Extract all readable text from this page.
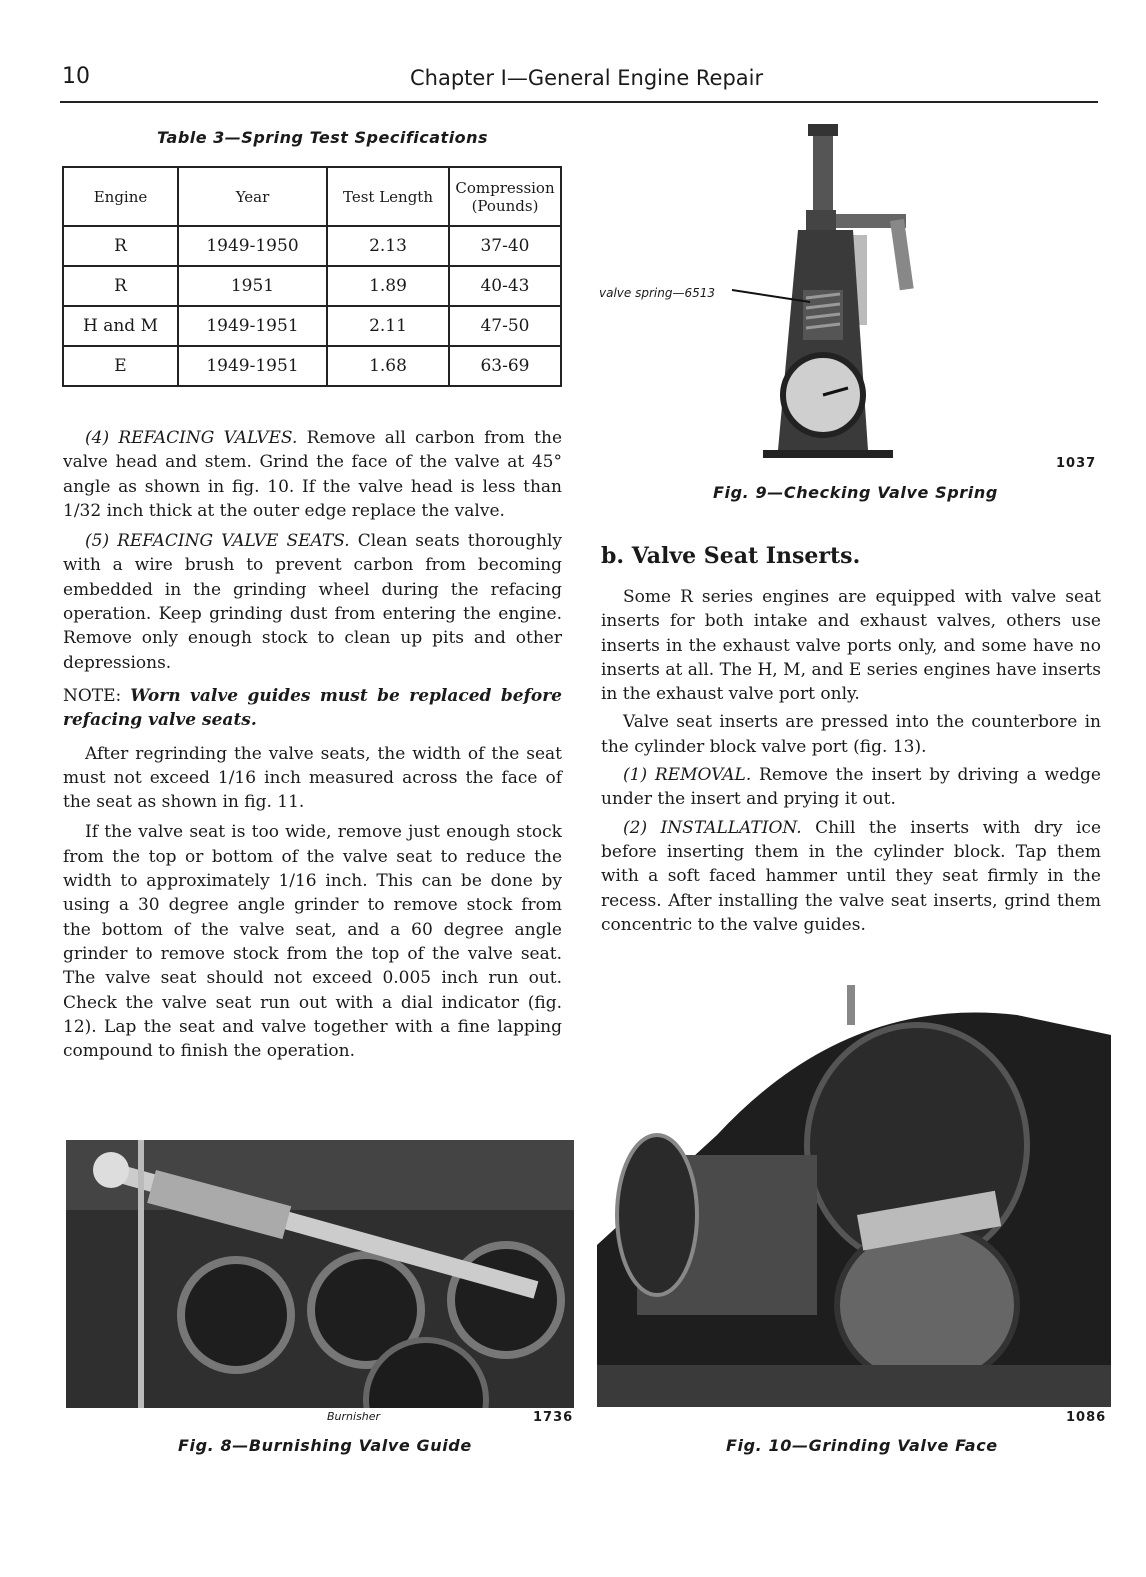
10	Chapter I—General Engine Repair
Table 3—Spring Test Specifications
Engine	Year	Test Length	Compression (Pounds)
R	1949-1950	2.13	37-40
R	1951	1.89	40-43
H and M	1949-1951	2.11	47-50
E	1949-1951	1.68	63-69

(4) REFACING VALVES. Remove all carbon from the valve head and stem. Grind the face of the valve at 45° angle as shown in fig. 10. If the valve head is less than 1/32 inch thick at the outer edge replace the valve.

(5) REFACING VALVE SEATS. Clean seats thoroughly with a wire brush to prevent carbon from becoming embedded in the grinding wheel during the refacing operation. Keep grinding dust from entering the engine. Remove only enough stock to clean up pits and other depressions.

NOTE: Worn valve guides must be replaced before refacing valve seats.

After regrinding the valve seats, the width of the seat must not exceed 1/16 inch measured across the face of the seat as shown in fig. 11.

If the valve seat is too wide, remove just enough stock from the top or bottom of the valve seat to reduce the width to approximately 1/16 inch. This can be done by using a 30 degree angle grinder to remove stock from the bottom of the valve seat, and a 60 degree angle grinder to remove stock from the top of the valve seat. The valve seat should not exceed 0.005 inch run out. Check the valve seat run out with a dial indicator (fig. 12). Lap the seat and valve together with a fine lapping compound to finish the operation.

valve spring—6513
1037
Fig. 9—Checking Valve Spring
b. Valve Seat Inserts.

Some R series engines are equipped with valve seat inserts for both intake and exhaust valves, others use inserts in the exhaust valve ports only, and some have no inserts at all. The H, M, and E series engines have inserts in the exhaust valve port only.

Valve seat inserts are pressed into the counterbore in the cylinder block valve port (fig. 13).

(1) REMOVAL. Remove the insert by driving a wedge under the insert and prying it out.

(2) INSTALLATION. Chill the inserts with dry ice before inserting them in the cylinder block. Tap them with a soft faced hammer until they seat firmly in the recess. After installing the valve seat inserts, grind them concentric to the valve guides.

Burnisher	1736
Fig. 8—Burnishing Valve Guide
1086
Fig. 10—Grinding Valve Face
